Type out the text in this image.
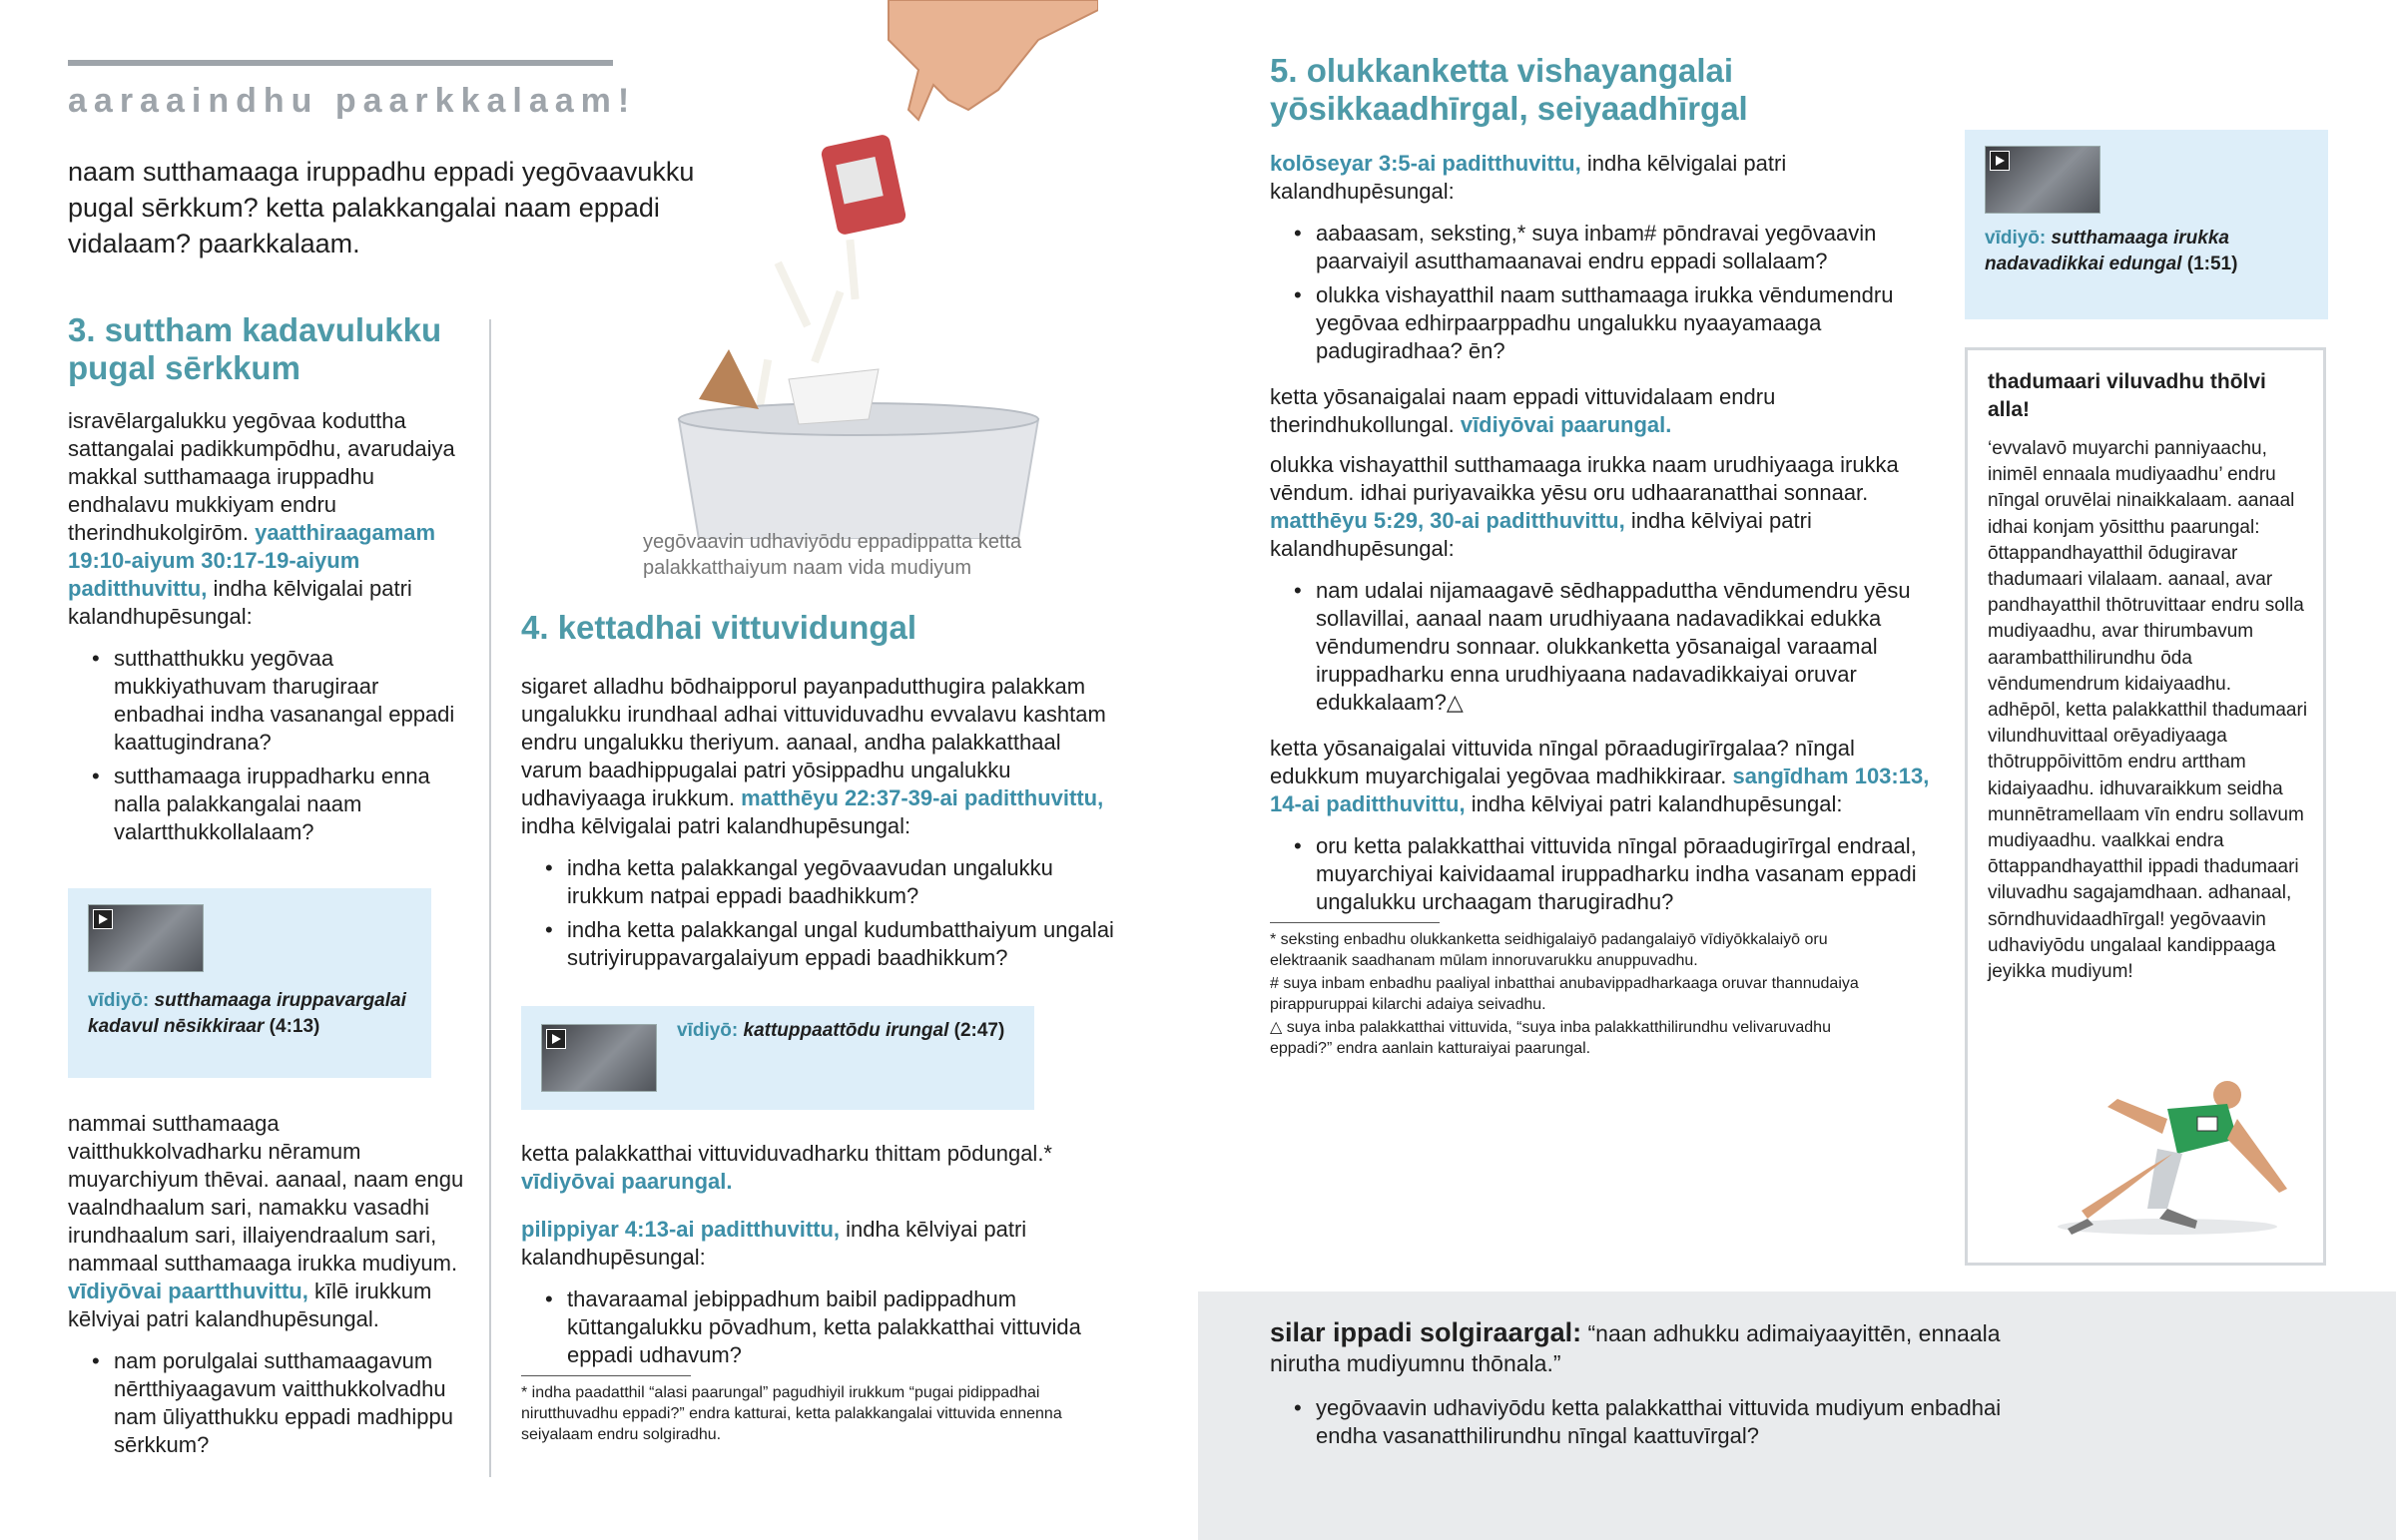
aaraaindhu paarkkalaam!

naam sutthamaaga iruppadhu eppadi yegōvaavukku pugal sērkkum? ketta palakkangalai naam eppadi vidalaam? paarkkalaam.

yegōvaavin udhaviyōdu eppadippatta ketta palakkatthaiyum naam vida mudiyum

3. suttham kadavulukku pugal sērkkum

isravēlargalukku yegōvaa koduttha sattangalai padikkumpōdhu, avarudaiya makkal sutthamaaga iruppadhu endhalavu mukkiyam endru therindhukolgirōm. yaatthiraagamam 19:10-aiyum 30:17-19-aiyum paditthuvittu, indha kēlvigalai patri kalandhupēsungal:

• sutthatthukku yegōvaa mukkiyathuvam tharugiraar enbadhai indha vasanangal eppadi kaattugindrana?
• sutthamaaga iruppadharku enna nalla palakkangalai naam valartthukkollalaam?

vīdiyō: sutthamaaga iruppavargalai kadavul nēsikkiraar (4:13)

nammai sutthamaaga vaitthukkolvadharku nēramum muyarchiyum thēvai. aanaal, naam engu vaalndhaalum sari, namakku vasadhi irundhaalum sari, illaiyendraalum sari, nammaal sutthamaaga irukka mudiyum. vīdiyōvai paartthuvittu, kīlē irukkum kēlviyai patri kalandhupēsungal.

• nam porulgalai sutthamaagavum nērtthiyaagavum vaitthukkolvadhu nam ūliyatthukku eppadi madhippu sērkkum?
4. kettadhai vittuvidungal

sigaret alladhu bōdhaipporul payanpadutthugira palakkam ungalukku irundhaal adhai vittuviduvadhu evvalavu kashtam endru ungalukku theriyum. aanaal, andha palakkatthaal varum baadhippugalai patri yōsippadhu ungalukku udhaviyaaga irukkum. matthēyu 22:37-39-ai paditthuvittu, indha kēlvigalai patri kalandhupēsungal:

• indha ketta palakkangal yegōvaavudan ungalukku irukkum natpai eppadi baadhikkum?
• indha ketta palakkangal ungal kudumbatthaiyum ungalai sutriyiruppavargalaiyum eppadi baadhikkum?

vīdiyō: kattuppaattōdu irungal (2:47)

ketta palakkatthai vittuviduvadharku thittam pōdungal.*
vīdiyōvai paarungal.

pilippiyar 4:13-ai paditthuvittu, indha kēlviyai patri kalandhupēsungal:

• thavaraamal jebippadhum baibil padippadhum kūttangalukku pōvadhum, ketta palakkatthai vittuvida eppadi udhavum?

* indha paadatthil “alasi paarungal” pagudhiyil irukkum “pugai pidippadhai nirutthuvadhu eppadi?” endra katturai, ketta palakkangalai vittuvida ennenna seiyalaam endru solgiradhu.

5. olukkanketta vishayangalai yōsikkaadhīrgal, seiyaadhīrgal

kolōseyar 3:5-ai paditthuvittu, indha kēlvigalai patri kalandhupēsungal:

• aabaasam, seksting,* suya inbam# pōndravai yegōvaavin paarvaiyil asutthamaanavai endru eppadi sollalaam?
• olukka vishayatthil naam sutthamaaga irukka vēndumendru yegōvaa edhirpaarppadhu ungalukku nyaayamaaga padugiradhaa? ēn?

ketta yōsanaigalai naam eppadi vittuvidalaam endru therindhukollungal. vīdiyōvai paarungal.

olukka vishayatthil sutthamaaga irukka naam urudhiyaaga irukka vēndum. idhai puriyavaikka yēsu oru udhaaranatthai sonnaar. matthēyu 5:29, 30-ai paditthuvittu, indha kēlviyai patri kalandhupēsungal:

• nam udalai nijamaagavē sēdhappaduttha vēndumendru yēsu sollavillai, aanaal naam urudhiyaana nadavadikkai edukka vēndumendru sonnaar. olukkanketta yōsanaigal varaamal iruppadharku enna urudhiyaana nadavadikkaiyai oruvar edukkalaam?△

ketta yōsanaigalai vittuvida nīngal pōraadugirīrgalaa? nīngal edukkum muyarchigalai yegōvaa madhikkiraar. sangīdham 103:13, 14-ai paditthuvittu, indha kēlviyai patri kalandhupēsungal:

• oru ketta palakkatthai vittuvida nīngal pōraadugirīrgal endraal, muyarchiyai kaividaamal iruppadharku indha vasanam eppadi ungalukku urchaagam tharugiradhu?

* seksting enbadhu olukkanketta seidhigalaiyō padangalaiyō vīdiyōkkalaiyō oru elektraanik saadhanam mūlam innoruvarukku anuppuvadhu.

# suya inbam enbadhu paaliyal inbatthai anubavippadharkaaga oruvar thannudaiya pirappuruppai kilarchi adaiya seivadhu.

△ suya inba palakkatthai vittuvida, “suya inba palakkatthilirundhu velivaruvadhu eppadi?” endra aanlain katturaiyai paarungal.

vīdiyō: sutthamaaga irukka nadavadikkai edungal (1:51)

thadumaari viluvadhu thōlvi alla!

‘evvalavō muyarchi panniyaachu, inimēl ennaala mudiyaadhu’ endru nīngal oruvēlai ninaikkalaam. aanaal idhai konjam yōsitthu paarungal: ōttappandhayatthil ōdugiravar thadumaari vilalaam. aanaal, avar pandhayatthil thōtruvittaar endru solla mudiyaadhu, avar thirumbavum aarambatthilirundhu ōda vēndumendrum kidaiyaadhu. adhēpōl, ketta palakkatthil thadumaari vilundhuvittaal orēyadiyaaga thōtruppōivittōm endru arttham kidaiyaadhu. idhuvaraikkum seidha munnētramellaam vīn endru sollavum mudiyaadhu. vaalkkai endra ōttappandhayatthil ippadi thadumaari viluvadhu sagajamdhaan. adhanaal, sōrndhuvidaadhīrgal! yegōvaavin udhaviyōdu ungalaal kandippaaga jeyikka mudiyum!

silar ippadi solgiraargal: “naan adhukku adimaiyaayittēn, ennaala nirutha mudiyumnu thōnala.”

• yegōvaavin udhaviyōdu ketta palakkatthai vittuvida mudiyum enbadhai endha vasanatthilirundhu nīngal kaattuvīrgal?
